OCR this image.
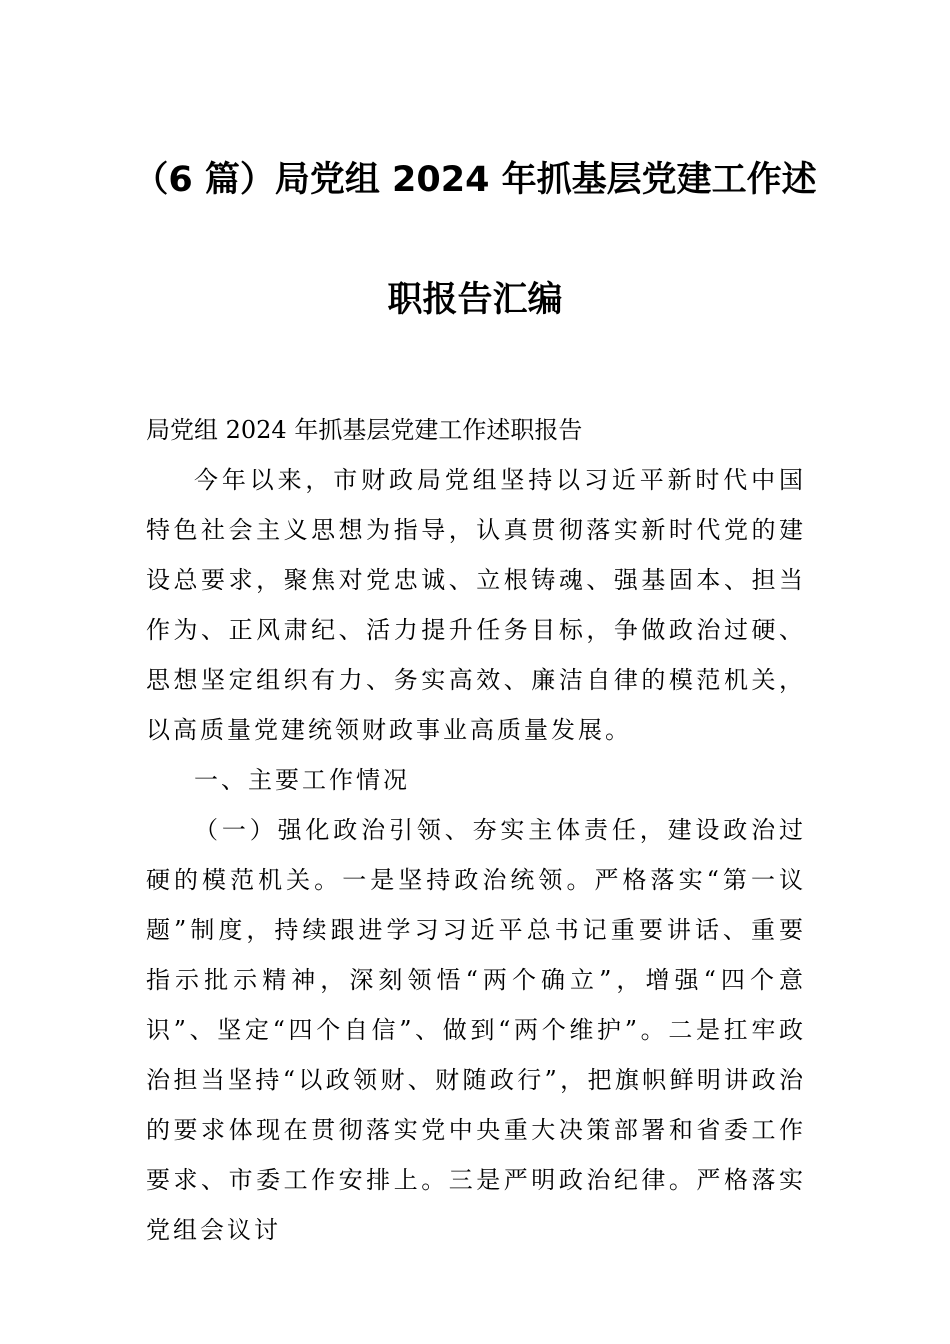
（6 篇）局党组 2024 年抓基层党建工作述
职报告汇编
局党组 2024 年抓基层党建工作述职报告

今年以来，市财政局党组坚持以习近平新时代中国特色社会主义思想为指导，认真贯彻落实新时代党的建设总要求，聚焦对党忠诚、立根铸魂、强基固本、担当作为、正风肃纪、活力提升任务目标，争做政治过硬、思想坚定组织有力、务实高效、廉洁自律的模范机关，以高质量党建统领财政事业高质量发展。

一、主要工作情况

（一）强化政治引领、夯实主体责任，建设政治过硬的模范机关。一是坚持政治统领。严格落实“第一议题”制度，持续跟进学习习近平总书记重要讲话、重要指示批示精神，深刻领悟“两个确立”，增强“四个意识”、坚定“四个自信”、做到“两个维护”。二是扛牢政治担当坚持“以政领财、财随政行”，把旗帜鲜明讲政治的要求体现在贯彻落实党中央重大决策部署和省委工作要求、市委工作安排上。三是严明政治纪律。严格落实党组会议讨
